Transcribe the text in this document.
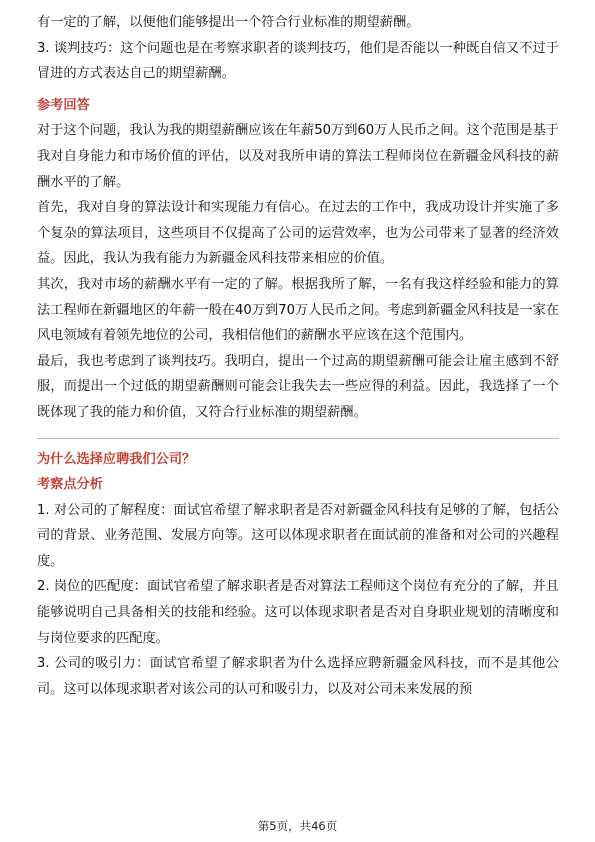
有一定的了解，以便他们能够提出一个符合行业标准的期望薪酬。

3. 谈判技巧：这个问题也是在考察求职者的谈判技巧，他们是否能以一种既自信又不过于冒进的方式表达自己的期望薪酬。

参考回答

对于这个问题，我认为我的期望薪酬应该在年薪50万到60万人民币之间。这个范围是基于我对自身能力和市场价值的评估，以及对我所申请的算法工程师岗位在新疆金风科技的薪酬水平的了解。

首先，我对自身的算法设计和实现能力有信心。在过去的工作中，我成功设计并实施了多个复杂的算法项目，这些项目不仅提高了公司的运营效率，也为公司带来了显著的经济效益。因此，我认为我有能力为新疆金风科技带来相应的价值。

其次，我对市场的薪酬水平有一定的了解。根据我所了解，一名有我这样经验和能力的算法工程师在新疆地区的年薪一般在40万到70万人民币之间。考虑到新疆金风科技是一家在风电领域有着领先地位的公司，我相信他们的薪酬水平应该在这个范围内。

最后，我也考虑到了谈判技巧。我明白，提出一个过高的期望薪酬可能会让雇主感到不舒服，而提出一个过低的期望薪酬则可能会让我失去一些应得的利益。因此，我选择了一个既体现了我的能力和价值，又符合行业标准的期望薪酬。

为什么选择应聘我们公司？
考察点分析

1. 对公司的了解程度：面试官希望了解求职者是否对新疆金风科技有足够的了解，包括公司的背景、业务范围、发展方向等。这可以体现求职者在面试前的准备和对公司的兴趣程度。

2. 岗位的匹配度：面试官希望了解求职者是否对算法工程师这个岗位有充分的了解，并且能够说明自己具备相关的技能和经验。这可以体现求职者是否对自身职业规划的清晰度和与岗位要求的匹配度。

3. 公司的吸引力：面试官希望了解求职者为什么选择应聘新疆金风科技，而不是其他公司。这可以体现求职者对该公司的认可和吸引力，以及对公司未来发展的预

第5页，共46页
